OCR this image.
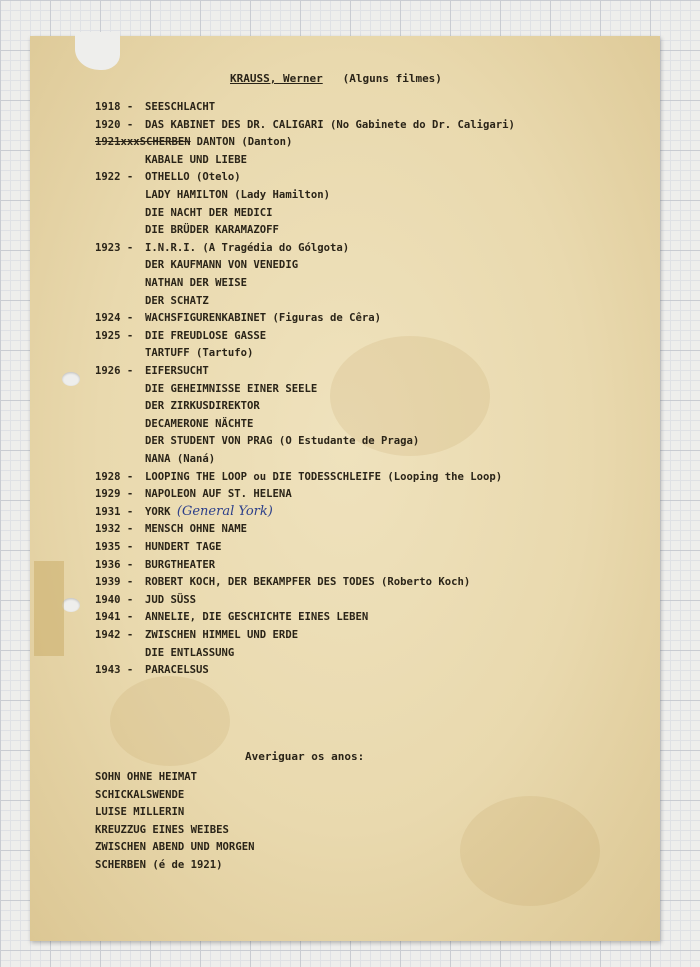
KRAUSS, Werner (Alguns filmes)
1918 - SEESCHLACHT
1920 - DAS KABINET DES DR. CALIGARI (No Gabinete do Dr. Caligari)
1921xxxSCHERBEN DANTON (Danton)
KABALE UND LIEBE
1922 - OTHELLO (Otelo)
LADY HAMILTON (Lady Hamilton)
DIE NACHT DER MEDICI
DIE BRÜDER KARAMAZOFF
1923 - I.N.R.I. (A Tragédia do Gólgota)
DER KAUFMANN VON VENEDIG
NATHAN DER WEISE
DER SCHATZ
1924 - WACHSFIGURENKABINET (Figuras de Cêra)
1925 - DIE FREUDLOSE GASSE
TARTUFF (Tartufo)
1926 - EIFERSUCHT
DIE GEHEIMNISSE EINER SEELE
DER ZIRKUSDIREKTOR
DECAMERONE NÄCHTE
DER STUDENT VON PRAG (O Estudante de Praga)
NANA (Naná)
1928 - LOOPING THE LOOP ou DIE TODESSCHLEIFE (Looping the Loop)
1929 - NAPOLEON AUF ST. HELENA
1931 - YORK (General York)
1932 - MENSCH OHNE NAME
1935 - HUNDERT TAGE
1936 - BURGTHEATER
1939 - ROBERT KOCH, DER BEKAMPFER DES TODES (Roberto Koch)
1940 - JUD SÜSS
1941 - ANNELIE, DIE GESCHICHTE EINES LEBEN
1942 - ZWISCHEN HIMMEL UND ERDE
DIE ENTLASSUNG
1943 - PARACELSUS
Averiguar os anos:
SOHN OHNE HEIMAT
SCHICKALSWENDE
LUISE MILLERIN
KREUZZUG EINES WEIBES
ZWISCHEN ABEND UND MORGEN
SCHERBEN (é de 1921)
